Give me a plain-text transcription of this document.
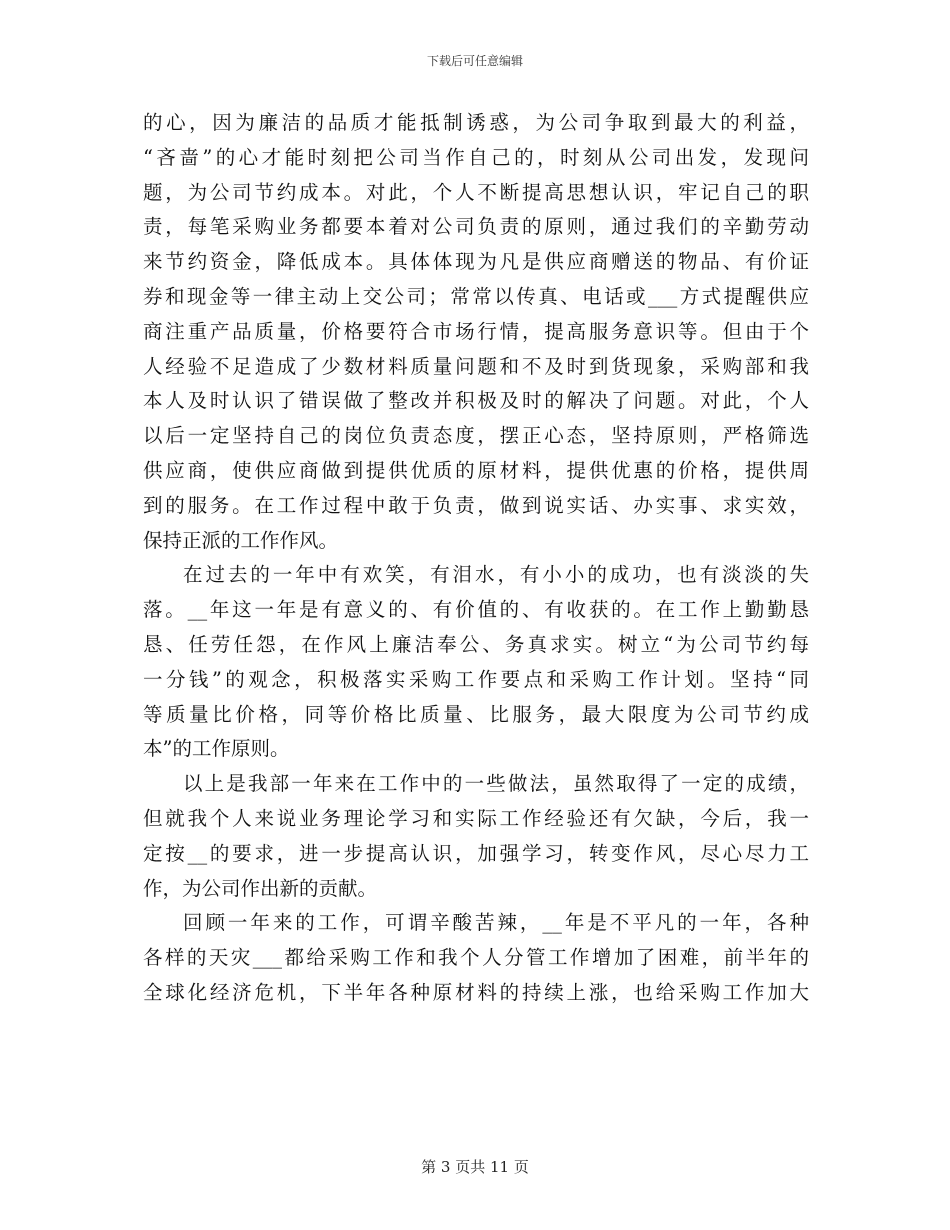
下载后可任意编辑
的心，因为廉洁的品质才能抵制诱惑，为公司争取到最大的利益，
“吝啬”的心才能时刻把公司当作自己的，时刻从公司出发，发现问
题，为公司节约成本。对此，个人不断提高思想认识，牢记自己的职
责，每笔采购业务都要本着对公司负责的原则，通过我们的辛勤劳动
来节约资金，降低成本。具体体现为凡是供应商赠送的物品、有价证
券和现金等一律主动上交公司；常常以传真、电话或___方式提醒供应
商注重产品质量，价格要符合市场行情，提高服务意识等。但由于个
人经验不足造成了少数材料质量问题和不及时到货现象，采购部和我
本人及时认识了错误做了整改并积极及时的解决了问题。对此，个人
以后一定坚持自己的岗位负责态度，摆正心态，坚持原则，严格筛选
供应商，使供应商做到提供优质的原材料，提供优惠的价格，提供周
到的服务。在工作过程中敢于负责，做到说实话、办实事、求实效，
保持正派的工作作风。
在过去的一年中有欢笑，有泪水，有小小的成功，也有淡淡的失
落。__年这一年是有意义的、有价值的、有收获的。在工作上勤勤恳
恳、任劳任怨，在作风上廉洁奉公、务真求实。树立“为公司节约每
一分钱”的观念，积极落实采购工作要点和采购工作计划。坚持“同
等质量比价格，同等价格比质量、比服务，最大限度为公司节约成
本”的工作原则。
以上是我部一年来在工作中的一些做法，虽然取得了一定的成绩，
但就我个人来说业务理论学习和实际工作经验还有欠缺，今后，我一
定按__的要求，进一步提高认识，加强学习，转变作风，尽心尽力工
作，为公司作出新的贡献。
回顾一年来的工作，可谓辛酸苦辣，__年是不平凡的一年，各种
各样的天灾___都给采购工作和我个人分管工作增加了困难，前半年的
全球化经济危机，下半年各种原材料的持续上涨，也给采购工作加大
第 3 页共 11 页
